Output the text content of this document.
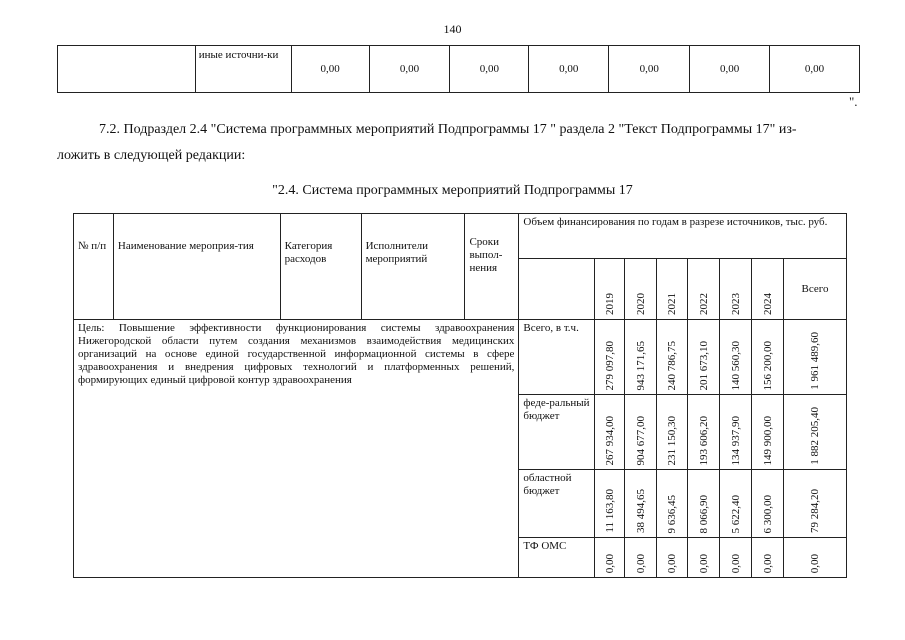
140
	иные источни-ки	0,00	0,00	0,00	0,00	0,00	0,00	0,00
".
7.2. Подраздел 2.4 "Система программных мероприятий Подпрограммы 17 " раздела 2 "Текст Подпрограммы 17" из-
ложить в следующей редакции:
"2.4. Система программных мероприятий Подпрограммы 17
№ п/п	Наименование мероприя-тия	Категория расходов	Исполнители мероприятий	Сроки выпол-нения	Объем финансирования по годам в разрезе источников, тыс. руб.							
						2019	2020	2021	2022	2023	2024	Всего
Цель: Повышение эффективности функционирования системы здравоохранения Нижегородской области путем создания механизмов взаимодействия медицинских организаций на основе единой государственной информационной системы в сфере здравоохранения и внедрения цифровых технологий и платформенных решений, формирующих единый цифровой контур здравоохранения					Всего, в т.ч.	279 097,80	943 171,65	240 786,75	201 673,10	140 560,30	156 200,00	1 961 489,60
					феде-ральный бюджет	267 934,00	904 677,00	231 150,30	193 606,20	134 937,90	149 900,00	1 882 205,40
					областной бюджет	11 163,80	38 494,65	9 636,45	8 066,90	5 622,40	6 300,00	79 284,20
					ТФ ОМС	0,00	0,00	0,00	0,00	0,00	0,00	0,00
